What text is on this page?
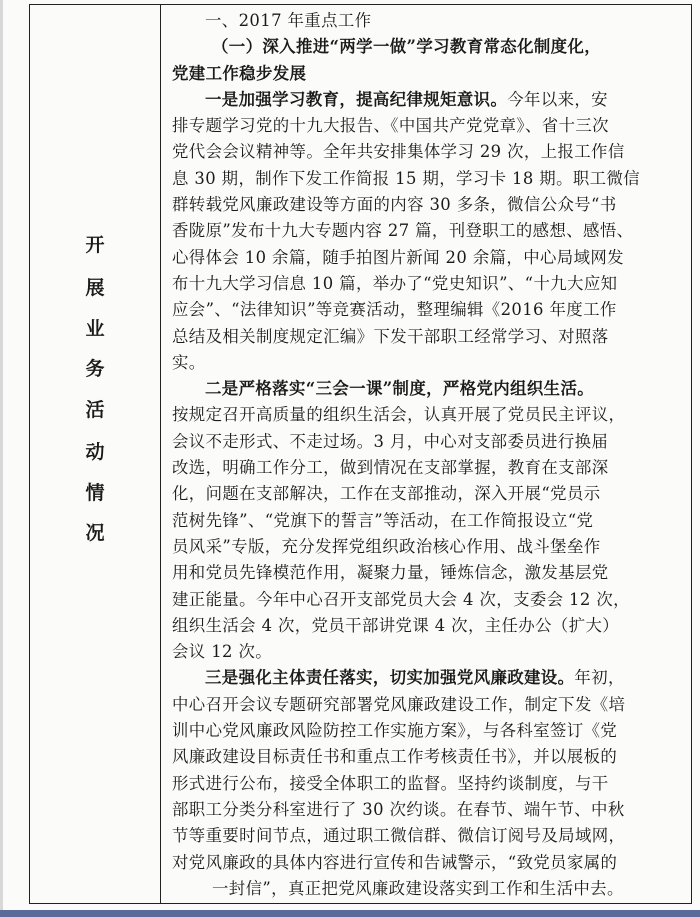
开
展
业
务
活
动
情
况
一、2017 年重点工作
（一）深入推进“两学一做”学习教育常态化制度化，
党建工作稳步发展
一是加强学习教育，提高纪律规矩意识。今年以来，安
排专题学习党的十九大报告、《中国共产党党章》、省十三次
党代会会议精神等。全年共安排集体学习 29 次，上报工作信
息 30 期，制作下发工作简报 15 期，学习卡 18 期。职工微信
群转载党风廉政建设等方面的内容 30 多条，微信公众号“书
香陇原”发布十九大专题内容 27 篇，刊登职工的感想、感悟、
心得体会 10 余篇，随手拍图片新闻 20 余篇，中心局域网发
布十九大学习信息 10 篇，举办了“党史知识”、“十九大应知
应会”、“法律知识”等竞赛活动，整理编辑《2016 年度工作
总结及相关制度规定汇编》下发干部职工经常学习、对照落
实。
二是严格落实“三会一课”制度，严格党内组织生活。
按规定召开高质量的组织生活会，认真开展了党员民主评议，
会议不走形式、不走过场。3 月，中心对支部委员进行换届
改选，明确工作分工，做到情况在支部掌握，教育在支部深
化，问题在支部解决，工作在支部推动，深入开展“党员示
范树先锋”、“党旗下的誓言”等活动，在工作简报设立“党
员风采”专版，充分发挥党组织政治核心作用、战斗堡垒作
用和党员先锋模范作用，凝聚力量，锤炼信念，激发基层党
建正能量。今年中心召开支部党员大会 4 次，支委会 12 次，
组织生活会 4 次，党员干部讲党课 4 次，主任办公（扩大）
会议 12 次。
三是强化主体责任落实，切实加强党风廉政建设。年初，
中心召开会议专题研究部署党风廉政建设工作，制定下发《培
训中心党风廉政风险防控工作实施方案》，与各科室签订《党
风廉政建设目标责任书和重点工作考核责任书》，并以展板的
形式进行公布，接受全体职工的监督。坚持约谈制度，与干
部职工分类分科室进行了 30 次约谈。在春节、端午节、中秋
节等重要时间节点，通过职工微信群、微信订阅号及局域网，
对党风廉政的具体内容进行宣传和告诫警示，“致党员家属的
一封信”，真正把党风廉政建设落实到工作和生活中去。
